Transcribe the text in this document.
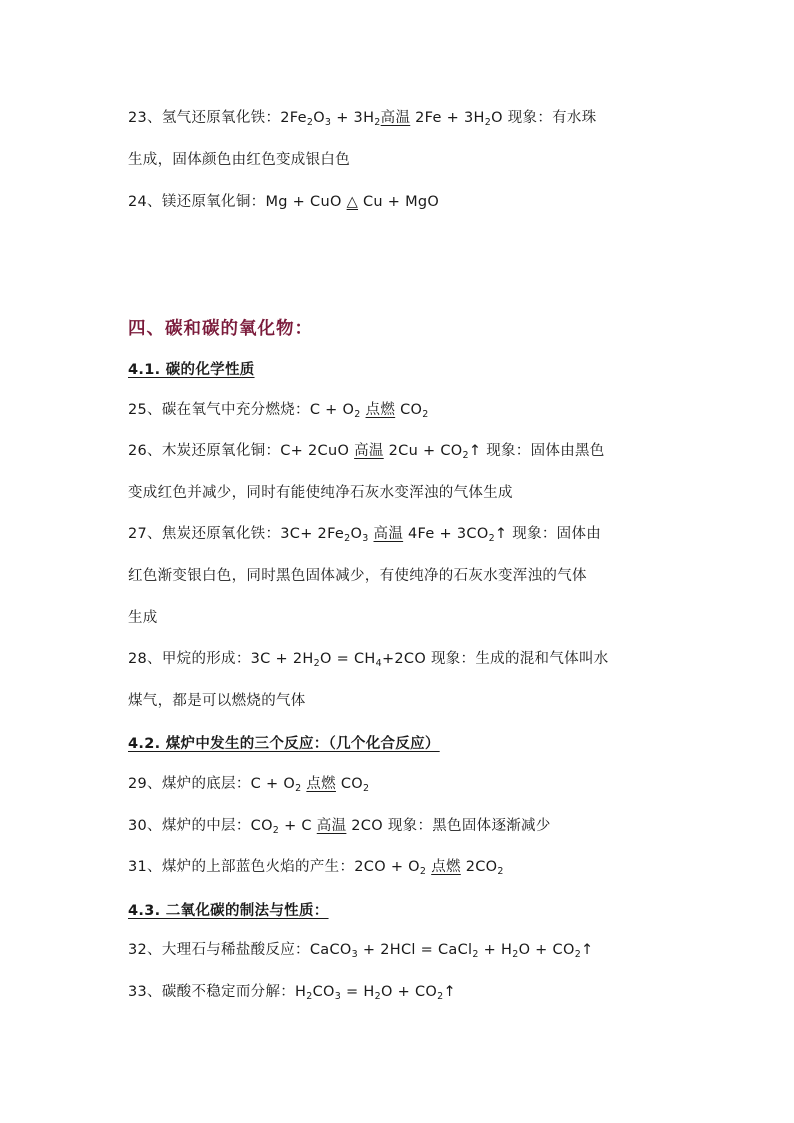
23、氢气还原氧化铁：$2Fe_2O_3 + 3H_2$高温 $2Fe + 3H_2O$ 现象：有水珠
生成，固体颜色由红色变成银白色
24、镁还原氧化铜：Mg + CuO △ Cu + MgO
四、碳和碳的氧化物：
4.1. 碳的化学性质
25、碳在氧气中充分燃烧：$C + O_2$ 点燃 $CO_2$
26、木炭还原氧化铜：C+ 2CuO 高温 $2Cu + CO_2↑$ 现象：固体由黑色
变成红色并减少，同时有能使纯净石灰水变浑浊的气体生成
27、焦炭还原氧化铁：$3C+ 2Fe_2O_3$ 高温 $4Fe + 3CO_2↑$ 现象：固体由
红色渐变银白色，同时黑色固体减少，有使纯净的石灰水变浑浊的气体
生成
28、甲烷的形成：$3C + 2H_2O = CH_4+2CO$ 现象：生成的混和气体叫水
煤气，都是可以燃烧的气体
4.2. 煤炉中发生的三个反应：（几个化合反应）
29、煤炉的底层：$C + O_2$ 点燃 $CO_2$
30、煤炉的中层：$CO_2 + C$ 高温 2CO 现象：黑色固体逐渐减少
31、煤炉的上部蓝色火焰的产生：$2CO + O_2$ 点燃 $2CO_2$
4.3. 二氧化碳的制法与性质：
32、大理石与稀盐酸反应：CaCO$_3$ + 2HCl = CaCl$_2$ + $H_2O$ + $CO_2↑$
33、碳酸不稳定而分解：$H_2CO_3 = H_2O$ + $CO_2↑$
